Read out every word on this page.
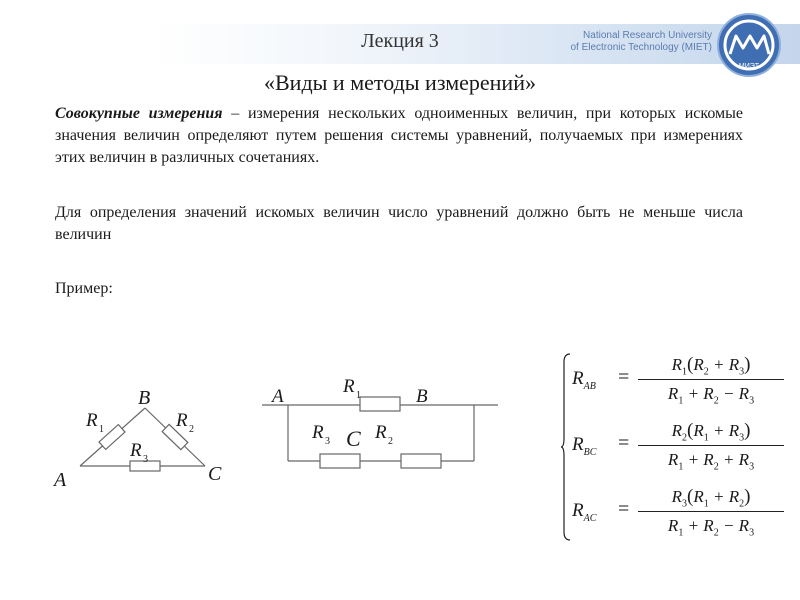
Лекция 3	National Research University
of Electronic Technology (MIET)
МИЭТ
«Виды и методы измерений»
Совокупные измерения – измерения нескольких одноименных величин, при которых искомые значения величин определяют путем решения системы уравнений, получаемых при измерениях этих величин в различных сочетаниях.
Для определения значений искомых величин число уравнений должно быть не меньше числа величин
Пример:
B
A	C
R 1	R 2
R 3
A	B
C
R 1
R 3 R 2
$R_{AB}$ =
$R_1(R_2 + R_3)$
$R_1 + R_2 - R_3$
$R_{BC}$ =
$R_2(R_1 + R_3)$
$R_1 + R_2 + R_3$
$R_{AC}$ =
$R_3(R_1 + R_2)$
$R_1 + R_2 - R_3$
